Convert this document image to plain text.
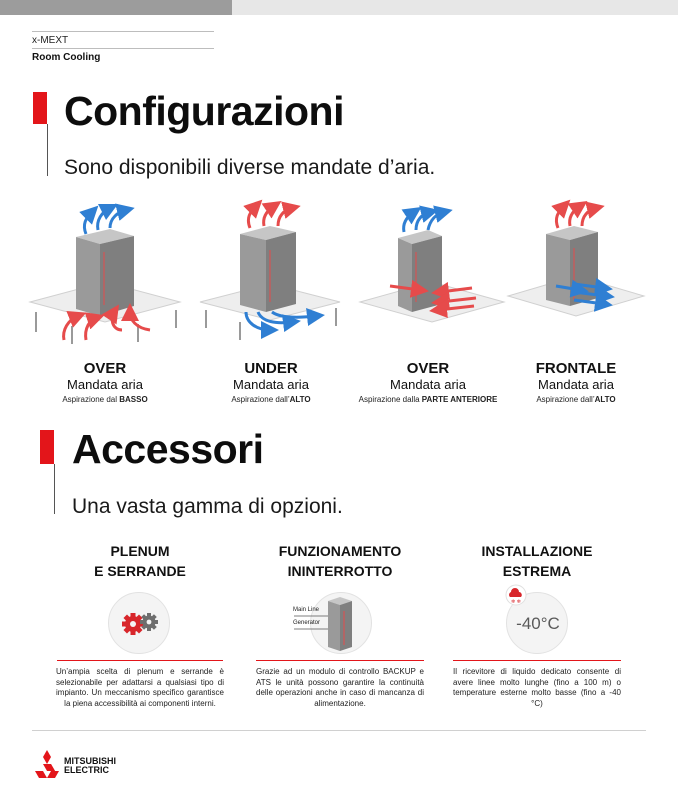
x-MEXT
Room Cooling
Configurazioni
Sono disponibili diverse mandate d’aria.
OVER
Mandata aria
Aspirazione dal BASSO
UNDER
Mandata aria
Aspirazione dall’ALTO
OVER
Mandata aria
Aspirazione dalla PARTE ANTERIORE
FRONTALE
Mandata aria
Aspirazione dall’ALTO
Accessori
Una vasta gamma di opzioni.
PLENUM
E SERRANDE
Un’ampia scelta di plenum e serrande è selezionabile per adattarsi a qualsiasi tipo di impianto. Un meccanismo specifico garantisce la piena accessibilità ai componenti interni.
FUNZIONAMENTO
ININTERROTTO
Main Line
Generator
Grazie ad un modulo di controllo BACKUP e ATS le unità possono garantire la continuità delle operazioni anche in caso di mancanza di alimentazione.
INSTALLAZIONE
ESTREMA
-40°C
❄ ❄
Il ricevitore di liquido dedicato consente di avere linee molto lunghe (fino a 100 m) o temperature esterne molto basse (fino a -40 °C)
MITSUBISHI
ELECTRIC
